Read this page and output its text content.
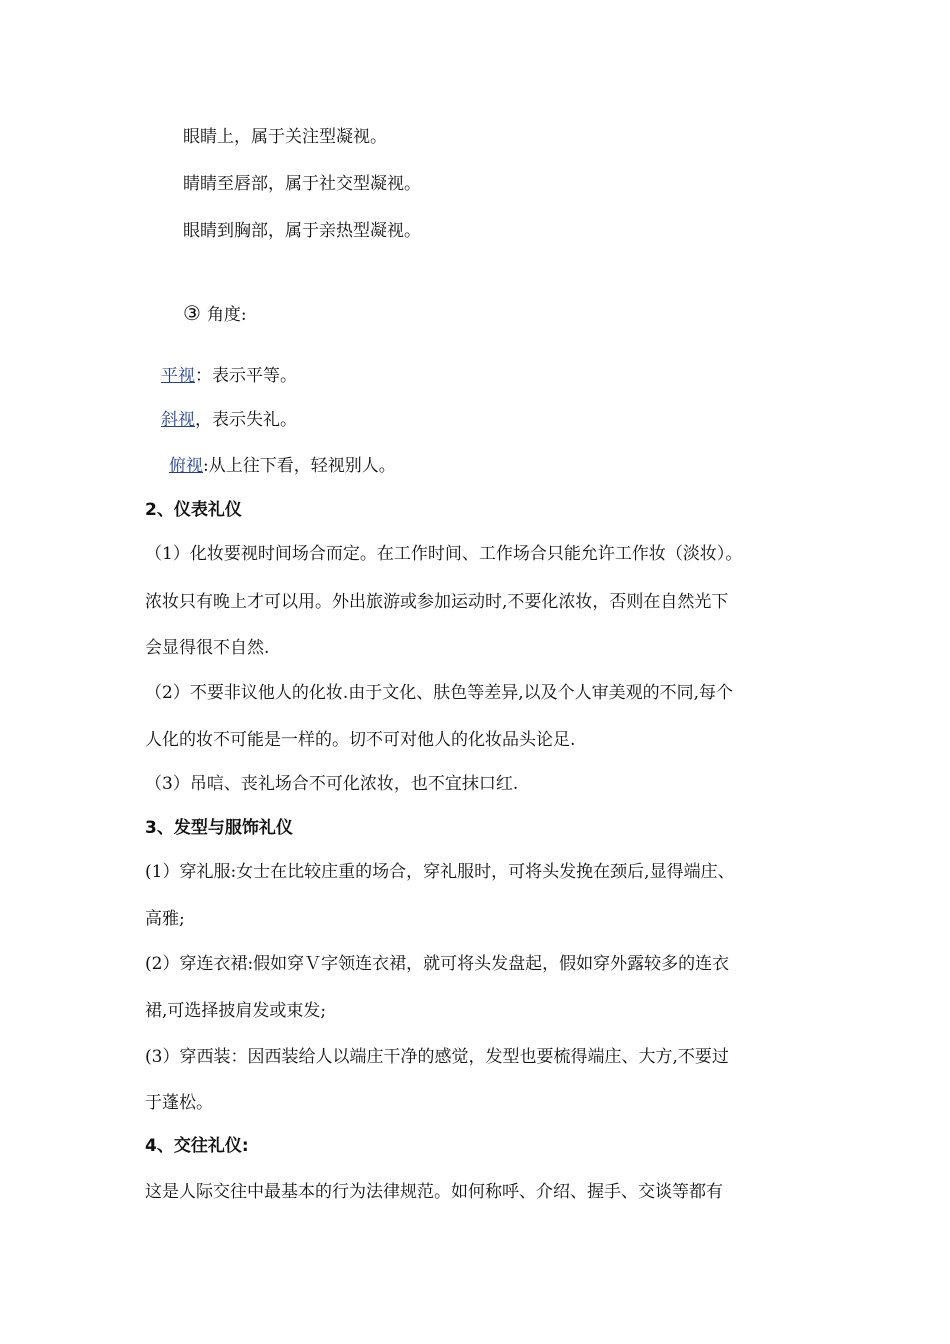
眼睛上，属于关注型凝视。
睛睛至唇部，属于社交型凝视。
眼睛到胸部，属于亲热型凝视。
③ 角度:
平视：表示平等。
斜视，表示失礼。
俯视:从上往下看，轻视别人。
2、仪表礼仪
（1）化妆要视时间场合而定。在工作时间、工作场合只能允许工作妆（淡妆）。
浓妆只有晚上才可以用。外出旅游或参加运动时,不要化浓妆，否则在自然光下
会显得很不自然.
（2）不要非议他人的化妆.由于文化、肤色等差异,以及个人审美观的不同,每个
人化的妆不可能是一样的。切不可对他人的化妆品头论足.
（3）吊唁、丧礼场合不可化浓妆，也不宜抹口红.
3、发型与服饰礼仪
(1）穿礼服:女士在比较庄重的场合，穿礼服时，可将头发挽在颈后,显得端庄、
高雅;
(2）穿连衣裙:假如穿Ｖ字领连衣裙，就可将头发盘起，假如穿外露较多的连衣
裙,可选择披肩发或束发;
(3）穿西装：因西装给人以端庄干净的感觉，发型也要梳得端庄、大方,不要过
于蓬松。
4、交往礼仪:
这是人际交往中最基本的行为法律规范。如何称呼、介绍、握手、交谈等都有
